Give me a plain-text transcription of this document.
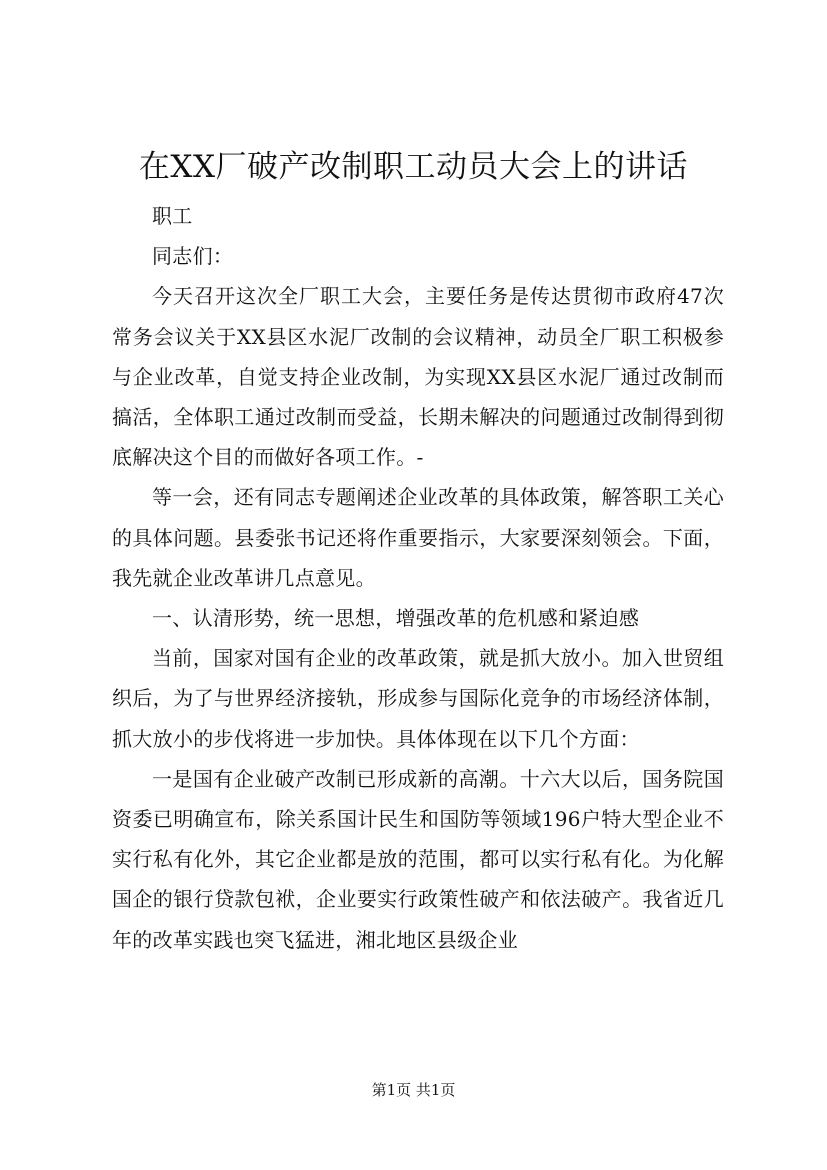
在XX厂破产改制职工动员大会上的讲话

职工

同志们：

今天召开这次全厂职工大会，主要任务是传达贯彻市政府47次常务会议关于XX县区水泥厂改制的会议精神，动员全厂职工积极参与企业改革，自觉支持企业改制，为实现XX县区水泥厂通过改制而搞活，全体职工通过改制而受益，长期未解决的问题通过改制得到彻底解决这个目的而做好各项工作。-

等一会，还有同志专题阐述企业改革的具体政策，解答职工关心的具体问题。县委张书记还将作重要指示，大家要深刻领会。下面，我先就企业改革讲几点意见。

一、认清形势，统一思想，增强改革的危机感和紧迫感

当前，国家对国有企业的改革政策，就是抓大放小。加入世贸组织后，为了与世界经济接轨，形成参与国际化竞争的市场经济体制，抓大放小的步伐将进一步加快。具体体现在以下几个方面：

一是国有企业破产改制已形成新的高潮。十六大以后，国务院国资委已明确宣布，除关系国计民生和国防等领域196户特大型企业不实行私有化外，其它企业都是放的范围，都可以实行私有化。为化解国企的银行贷款包袱，企业要实行政策性破产和依法破产。我省近几年的改革实践也突飞猛进，湘北地区县级企业

第1页 共1页
